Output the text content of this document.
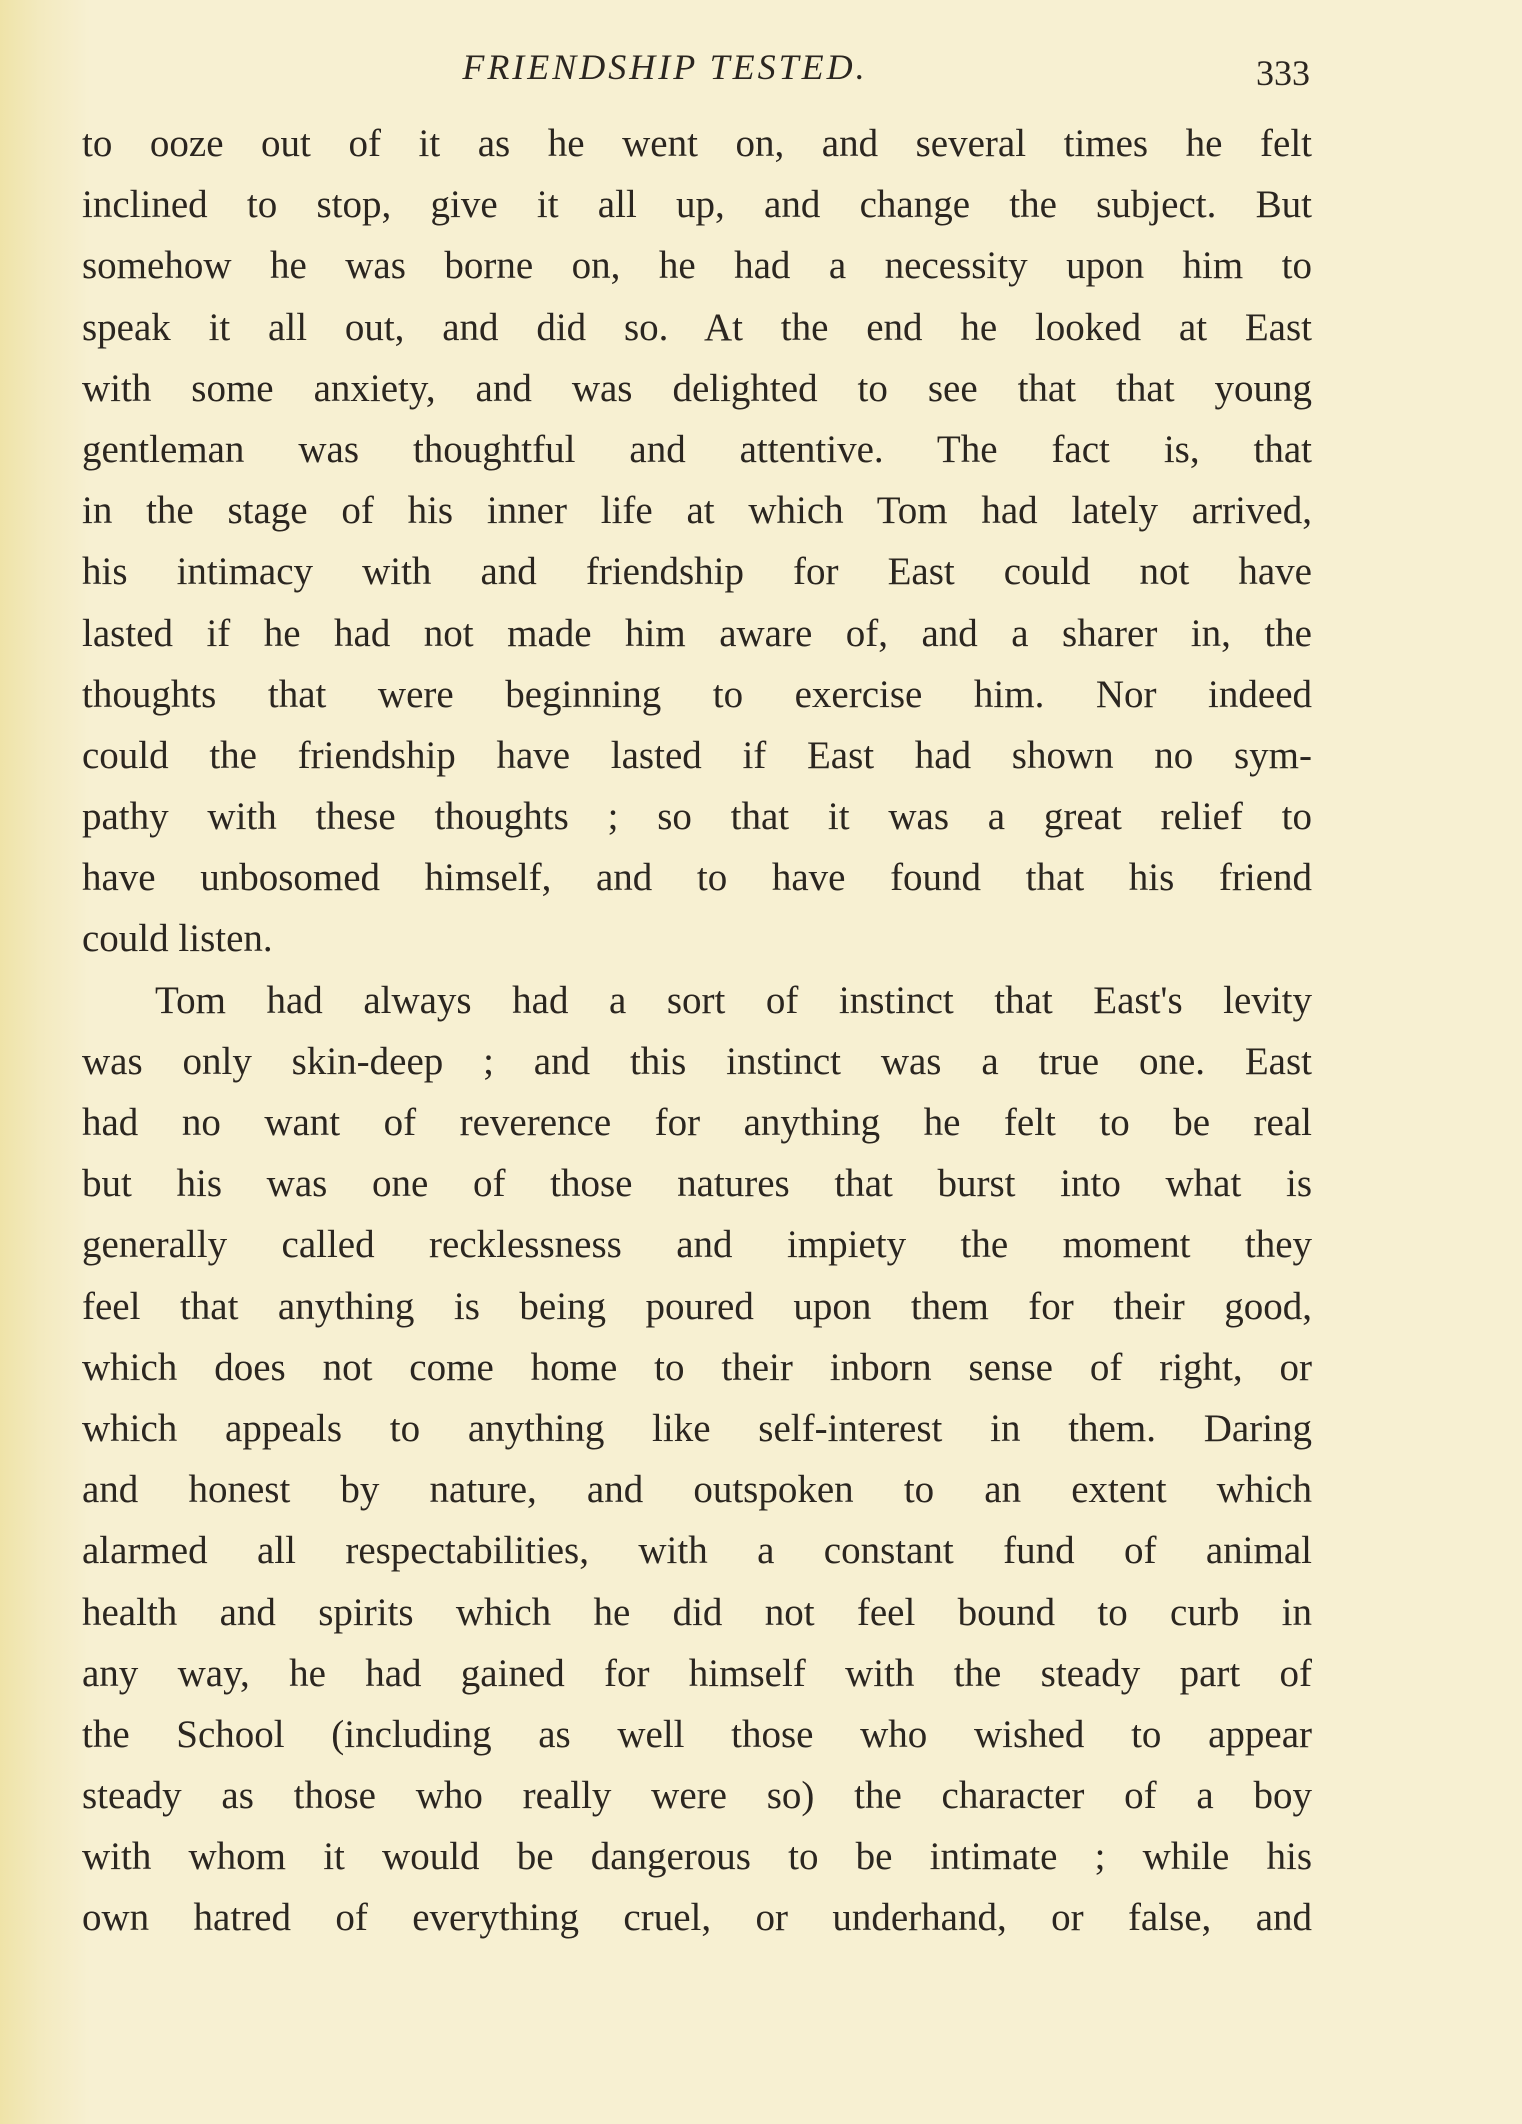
FRIENDSHIP TESTED.	333
to ooze out of it as he went on, and several times he felt
inclined to stop, give it all up, and change the subject. But
somehow he was borne on, he had a necessity upon him to
speak it all out, and did so. At the end he looked at East
with some anxiety, and was delighted to see that that young
gentleman was thoughtful and attentive. The fact is, that
in the stage of his inner life at which Tom had lately arrived,
his intimacy with and friendship for East could not have
lasted if he had not made him aware of, and a sharer in, the
thoughts that were beginning to exercise him. Nor indeed
could the friendship have lasted if East had shown no sym-
pathy with these thoughts ; so that it was a great relief to
have unbosomed himself, and to have found that his friend
could listen.
Tom had always had a sort of instinct that East's levity
was only skin-deep ; and this instinct was a true one. East
had no want of reverence for anything he felt to be real
but his was one of those natures that burst into what is
generally called recklessness and impiety the moment they
feel that anything is being poured upon them for their good,
which does not come home to their inborn sense of right, or
which appeals to anything like self-interest in them. Daring
and honest by nature, and outspoken to an extent which
alarmed all respectabilities, with a constant fund of animal
health and spirits which he did not feel bound to curb in
any way, he had gained for himself with the steady part of
the School (including as well those who wished to appear
steady as those who really were so) the character of a boy
with whom it would be dangerous to be intimate ; while his
own hatred of everything cruel, or underhand, or false, and
